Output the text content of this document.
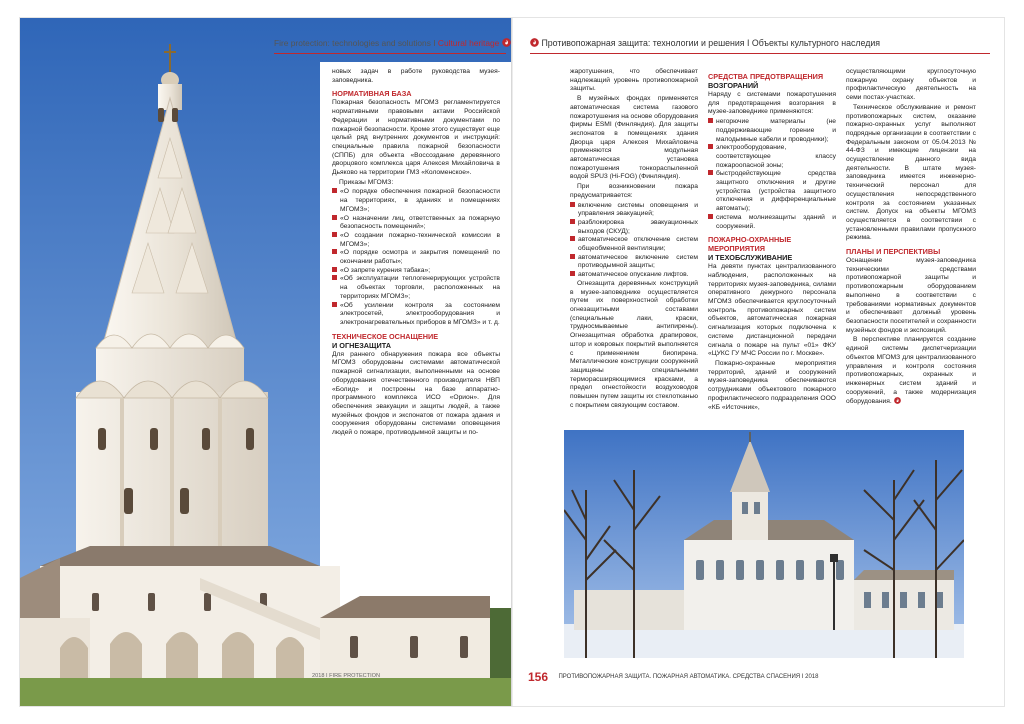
Fire protection: technologies and solutions I Cultural heritage
новых задач в работе руководства музея-заповедника.
НОРМАТИВНАЯ БАЗА
Пожарная безопасность МГОМЗ регламентируется нормативными правовыми актами Российской Федерации и нормативными документами по пожарной безопасности. Кроме этого существует еще целый ряд внутренних документов и инструкций: специальные правила пожарной безопасности (СППБ) для объекта «Воссоздание деревянного дворцового комплекса царя Алексея Михайловича в Дьяково на территории ГМЗ «Коломенское».
Приказы МГОМЗ:
«О порядке обеспечения пожарной безопасности на территориях, в зданиях и помещениях МГОМЗ»;
«О назначении лиц, ответственных за пожарную безопасность помещений»;
«О создании пожарно-технической комиссии в МГОМЗ»;
«О порядке осмотра и закрытия помещений по окончании работы»;
«О запрете курения табака»;
«Об эксплуатации теплогенерирующих устройств на объектах торговли, расположенных на территориях МГОМЗ»;
«Об усилении контроля за состоянием электросетей, электрооборудования и электронагревательных приборов в МГОМЗ» и т. д.
ТЕХНИЧЕСКОЕ ОСНАЩЕНИЕ
И ОГНЕЗАЩИТА
Для раннего обнаружения пожара все объекты МГОМЗ оборудованы системами автоматической пожарной сигнализации, выполненными на основе оборудования отечественного производителя НВП «Болид» и построены на базе аппаратно-программного комплекса ИСО «Орион». Для обеспечения эвакуации и защиты людей, а также музейных фондов и экспонатов от пожара здания и сооружения оборудованы системами оповещения людей о пожаре, противодымной защиты и по-
2018 I FIRE PROTECTION
Противопожарная защита: технологии и решения I Объекты культурного наследия
жаротушения, что обеспечивает надлежащий уровень противопожарной защиты.
В музейных фондах применяется автоматическая система газового пожаротушения на основе оборудования фирмы ESMI (Финляндия). Для защиты экспонатов в помещениях здания Дворца царя Алексея Михайловича применяются модульная автоматическая установка пожаротушения тонкораспыленной водой SPU3 (Hi-FOG) (Финляндия).
При возникновении пожара предусматривается:
включение системы оповещения и управления эвакуацией;
разблокировка эвакуационных выходов (СКУД);
автоматическое отключение систем общеобменной вентиляции;
автоматическое включение систем противодымной защиты;
автоматическое опускание лифтов.
Огнезащита деревянных конструкций в музее-заповеднике осуществляется путем их поверхностной обработки огнезащитными составами (специальные лаки, краски, трудносмываемые антипирены). Огнезащитная обработка драпировок, штор и ковровых покрытий выполняется с применением биопирена. Металлические конструкции сооружений защищены специальными терморасширяющимися красками, а предел огнестойкости воздуховодов повышен путем защиты их стеклотканью с покрытием связующим составом.
СРЕДСТВА ПРЕДОТВРАЩЕНИЯ
ВОЗГОРАНИЙ
Наряду с системами пожаротушения для предотвращения возгорания в музее-заповеднике применяются:
негорючие материалы (не поддерживающие горение и малодымные кабели и проводники);
электрооборудование, соответствующее классу пожароопасной зоны;
быстродействующие средства защитного отключения и другие устройства (устройства защитного отключения и дифференциальные автоматы);
система молниезащиты зданий и сооружений.
ПОЖАРНО-ОХРАННЫЕ
МЕРОПРИЯТИЯ
И ТЕХОБСЛУЖИВАНИЕ
На девяти пунктах централизованного наблюдения, расположенных на территориях музея-заповедника, силами оперативного дежурного персонала МГОМЗ обеспечивается круглосуточный контроль противопожарных систем объектов, автоматическая пожарная сигнализация которых подключена к системе дистанционной передачи сигнала о пожаре на пульт «01» ФКУ «ЦУКС ГУ МЧС России по г. Москве».
Пожарно-охранные мероприятия территорий, зданий и сооружений музея-заповедника обеспечиваются сотрудниками объектового пожарного профилактического подразделения ООО «КБ «Источник»,
осуществляющими круглосуточную пожарную охрану объектов и профилактическую деятельность на семи постах-участках.
Техническое обслуживание и ремонт противопожарных систем, оказание пожарно-охранных услуг выполняют подрядные организации в соответствии с Федеральным законом от 05.04.2013 № 44-ФЗ и имеющие лицензии на осуществление данного вида деятельности. В штате музея-заповедника имеется инженерно-технический персонал для осуществления непосредственного контроля за состоянием указанных систем. Допуск на объекты МГОМЗ осуществляется в соответствии с установленными правилами пропускного режима.
ПЛАНЫ И ПЕРСПЕКТИВЫ
Оснащение музея-заповедника техническими средствами противопожарной защиты и противопожарным оборудованием выполнено в соответствии с требованиями нормативных документов и обеспечивает должный уровень безопасности посетителей и сохранности музейных фондов и экспозиций.
В перспективе планируется создание единой системы диспетчеризации объектов МГОМЗ для централизованного управления и контроля состояния противопожарных, охранных и инженерных систем зданий и сооружений, а также модернизация оборудования.
156 ПРОТИВОПОЖАРНАЯ ЗАЩИТА. ПОЖАРНАЯ АВТОМАТИКА. СРЕДСТВА СПАСЕНИЯ I 2018
